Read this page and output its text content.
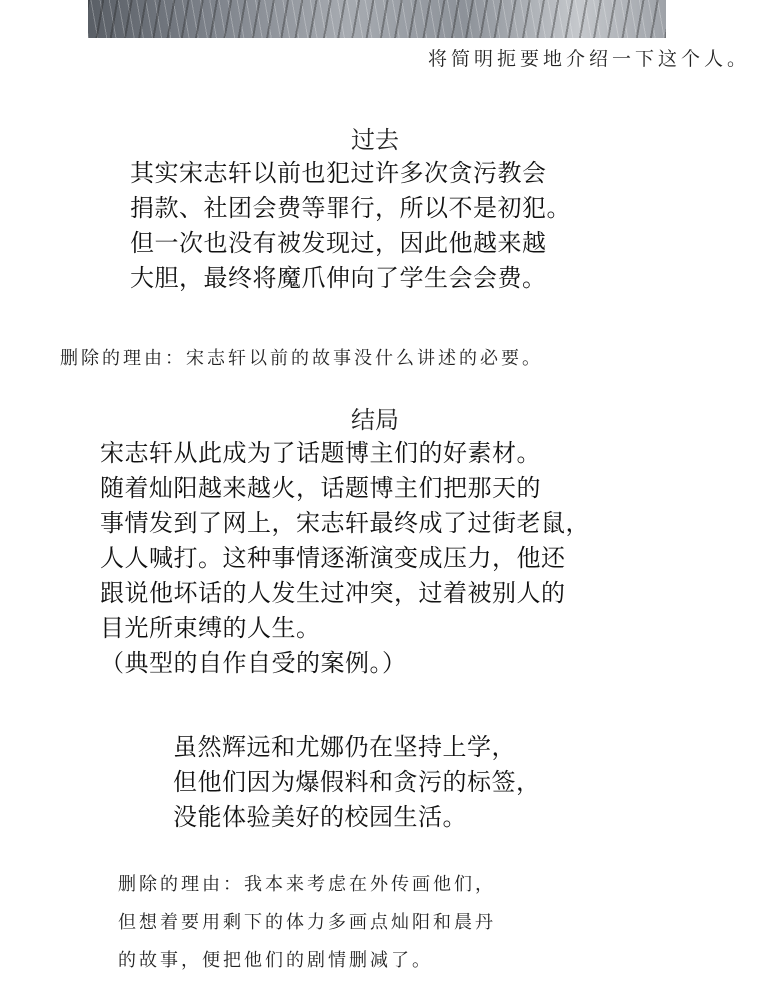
将简明扼要地介绍一下这个人。
过去
其实宋志轩以前也犯过许多次贪污教会
捐款、社团会费等罪行，所以不是初犯。
但一次也没有被发现过，因此他越来越
大胆，最终将魔爪伸向了学生会会费。
删除的理由：宋志轩以前的故事没什么讲述的必要。
结局
宋志轩从此成为了话题博主们的好素材。
随着灿阳越来越火，话题博主们把那天的
事情发到了网上，宋志轩最终成了过街老鼠，
人人喊打。这种事情逐渐演变成压力，他还
跟说他坏话的人发生过冲突，过着被别人的
目光所束缚的人生。
（典型的自作自受的案例。）
虽然辉远和尤娜仍在坚持上学，
但他们因为爆假料和贪污的标签，
没能体验美好的校园生活。
删除的理由：我本来考虑在外传画他们，
但想着要用剩下的体力多画点灿阳和晨丹
的故事，便把他们的剧情删减了。
